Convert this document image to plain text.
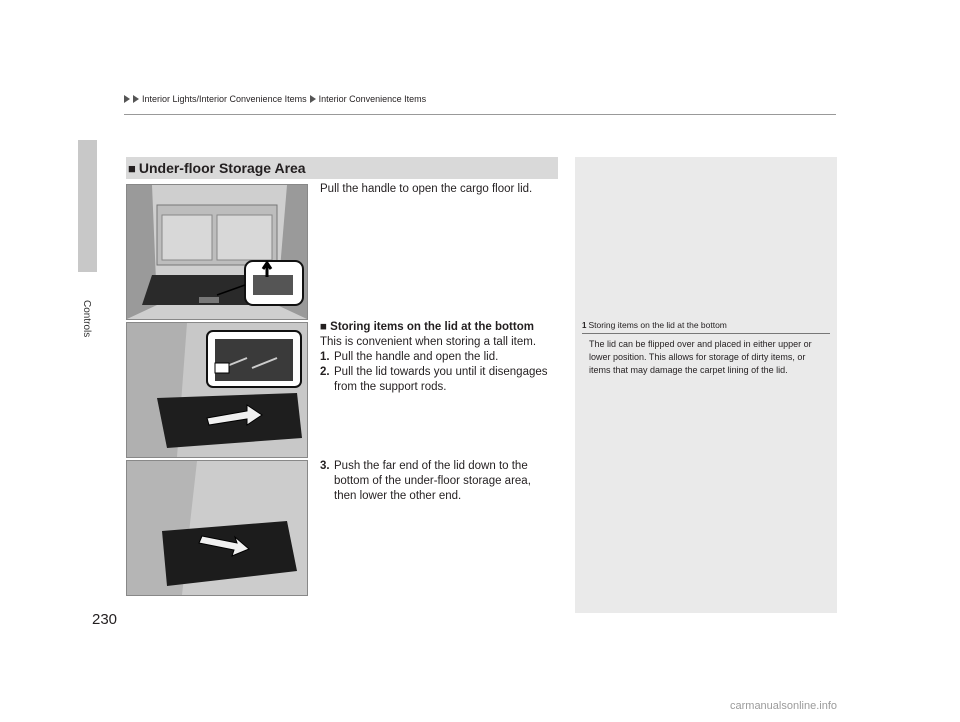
Controls
230
Interior Lights/Interior Convenience Items Interior Convenience Items
■ Under-floor Storage Area
Pull the handle to open the cargo floor lid.
■ Storing items on the lid at the bottom
This is convenient when storing a tall item.
1. Pull the handle and open the lid.
2. Pull the lid towards you until it disengages from the support rods.
3. Push the far end of the lid down to the bottom of the under-floor storage area, then lower the other end.
1 Storing items on the lid at the bottom
The lid can be flipped over and placed in either upper or lower position. This allows for storage of dirty items, or items that may damage the carpet lining of the lid.
carmanualsonline.info
